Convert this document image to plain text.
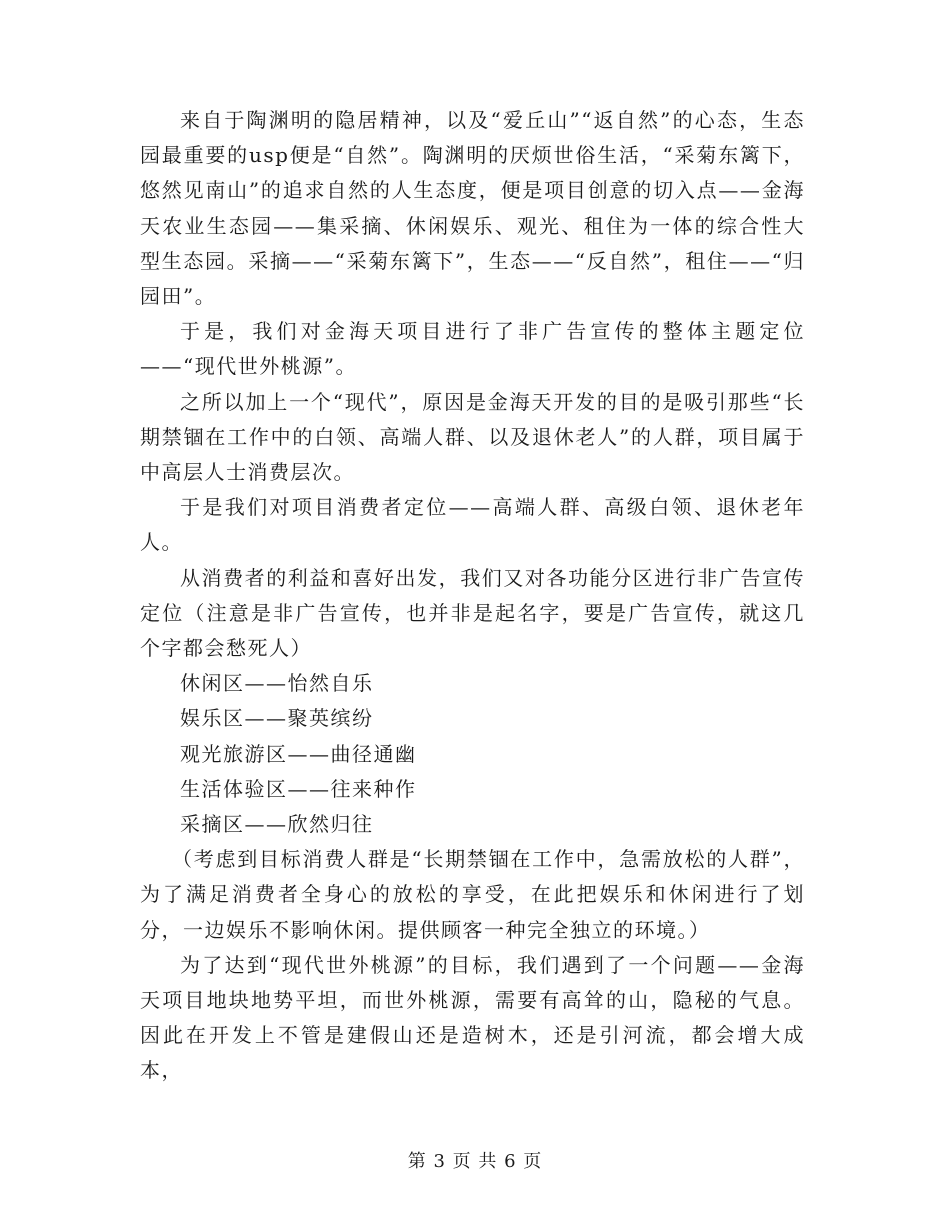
来自于陶渊明的隐居精神，以及“爱丘山”“返自然”的心态，生态园最重要的usp便是“自然”。陶渊明的厌烦世俗生活，“采菊东篱下，悠然见南山”的追求自然的人生态度，便是项目创意的切入点——金海天农业生态园——集采摘、休闲娱乐、观光、租住为一体的综合性大型生态园。采摘——“采菊东篱下”，生态——“反自然”，租住——“归园田”。

于是，我们对金海天项目进行了非广告宣传的整体主题定位——“现代世外桃源”。

之所以加上一个“现代”，原因是金海天开发的目的是吸引那些“长期禁锢在工作中的白领、高端人群、以及退休老人”的人群，项目属于中高层人士消费层次。

于是我们对项目消费者定位——高端人群、高级白领、退休老年人。

从消费者的利益和喜好出发，我们又对各功能分区进行非广告宣传定位（注意是非广告宣传，也并非是起名字，要是广告宣传，就这几个字都会愁死人）

休闲区——怡然自乐

娱乐区——聚英缤纷

观光旅游区——曲径通幽

生活体验区——往来种作

采摘区——欣然归往

（考虑到目标消费人群是“长期禁锢在工作中，急需放松的人群”，为了满足消费者全身心的放松的享受，在此把娱乐和休闲进行了划分，一边娱乐不影响休闲。提供顾客一种完全独立的环境。）

为了达到“现代世外桃源”的目标，我们遇到了一个问题——金海天项目地块地势平坦，而世外桃源，需要有高耸的山，隐秘的气息。因此在开发上不管是建假山还是造树木，还是引河流，都会增大成本，

第 3 页 共 6 页
